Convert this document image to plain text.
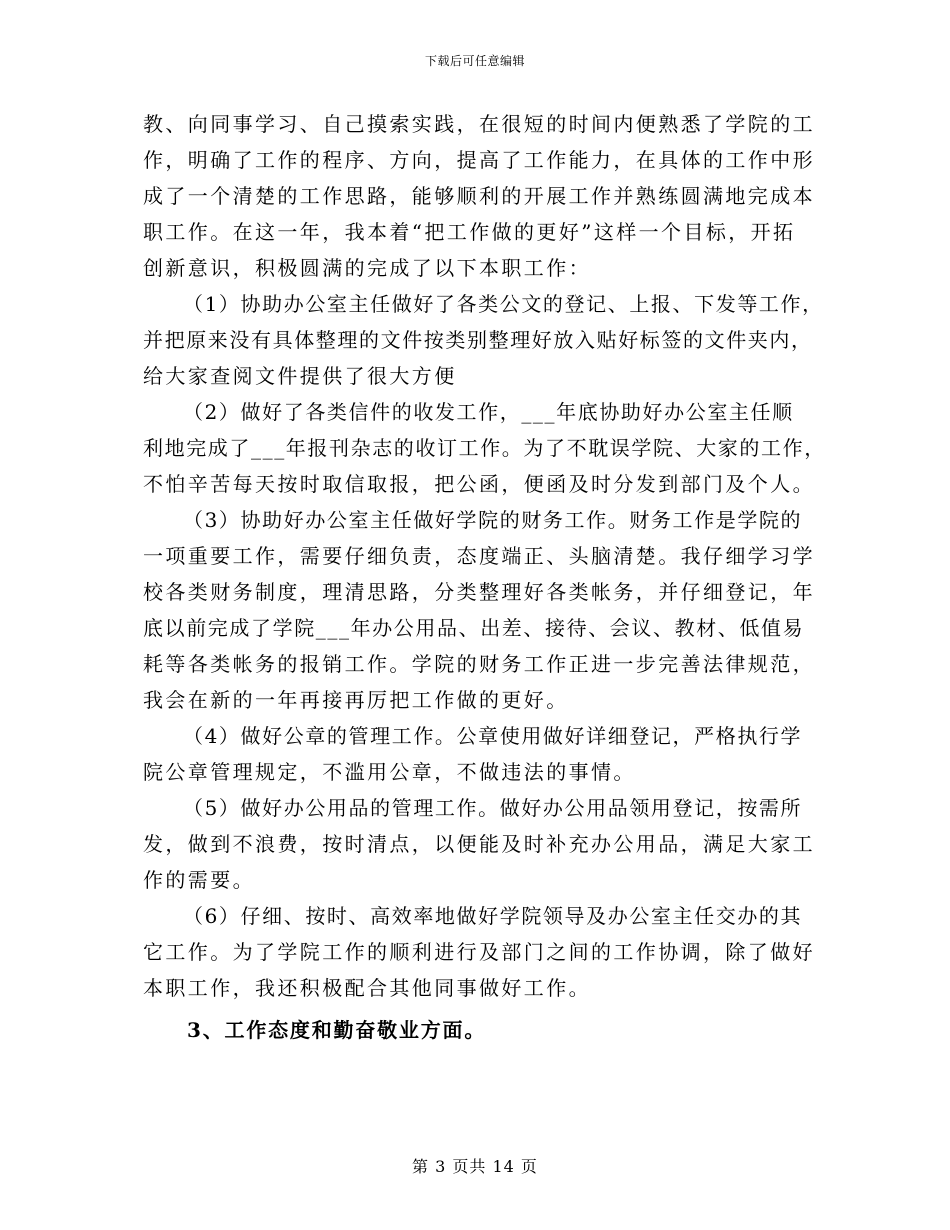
下载后可任意编辑
教、向同事学习、自己摸索实践，在很短的时间内便熟悉了学院的工
作，明确了工作的程序、方向，提高了工作能力，在具体的工作中形
成了一个清楚的工作思路，能够顺利的开展工作并熟练圆满地完成本
职工作。在这一年，我本着“把工作做的更好”这样一个目标，开拓
创新意识，积极圆满的完成了以下本职工作：
（1）协助办公室主任做好了各类公文的登记、上报、下发等工作，
并把原来没有具体整理的文件按类别整理好放入贴好标签的文件夹内，
给大家查阅文件提供了很大方便
（2）做好了各类信件的收发工作，___年底协助好办公室主任顺
利地完成了___年报刊杂志的收订工作。为了不耽误学院、大家的工作，
不怕辛苦每天按时取信取报，把公函，便函及时分发到部门及个人。
（3）协助好办公室主任做好学院的财务工作。财务工作是学院的
一项重要工作，需要仔细负责，态度端正、头脑清楚。我仔细学习学
校各类财务制度，理清思路，分类整理好各类帐务，并仔细登记，年
底以前完成了学院___年办公用品、出差、接待、会议、教材、低值易
耗等各类帐务的报销工作。学院的财务工作正进一步完善法律规范，
我会在新的一年再接再厉把工作做的更好。
（4）做好公章的管理工作。公章使用做好详细登记，严格执行学
院公章管理规定，不滥用公章，不做违法的事情。
（5）做好办公用品的管理工作。做好办公用品领用登记，按需所
发，做到不浪费，按时清点，以便能及时补充办公用品，满足大家工
作的需要。
（6）仔细、按时、高效率地做好学院领导及办公室主任交办的其
它工作。为了学院工作的顺利进行及部门之间的工作协调，除了做好
本职工作，我还积极配合其他同事做好工作。
3、工作态度和勤奋敬业方面。
第 3 页共 14 页
